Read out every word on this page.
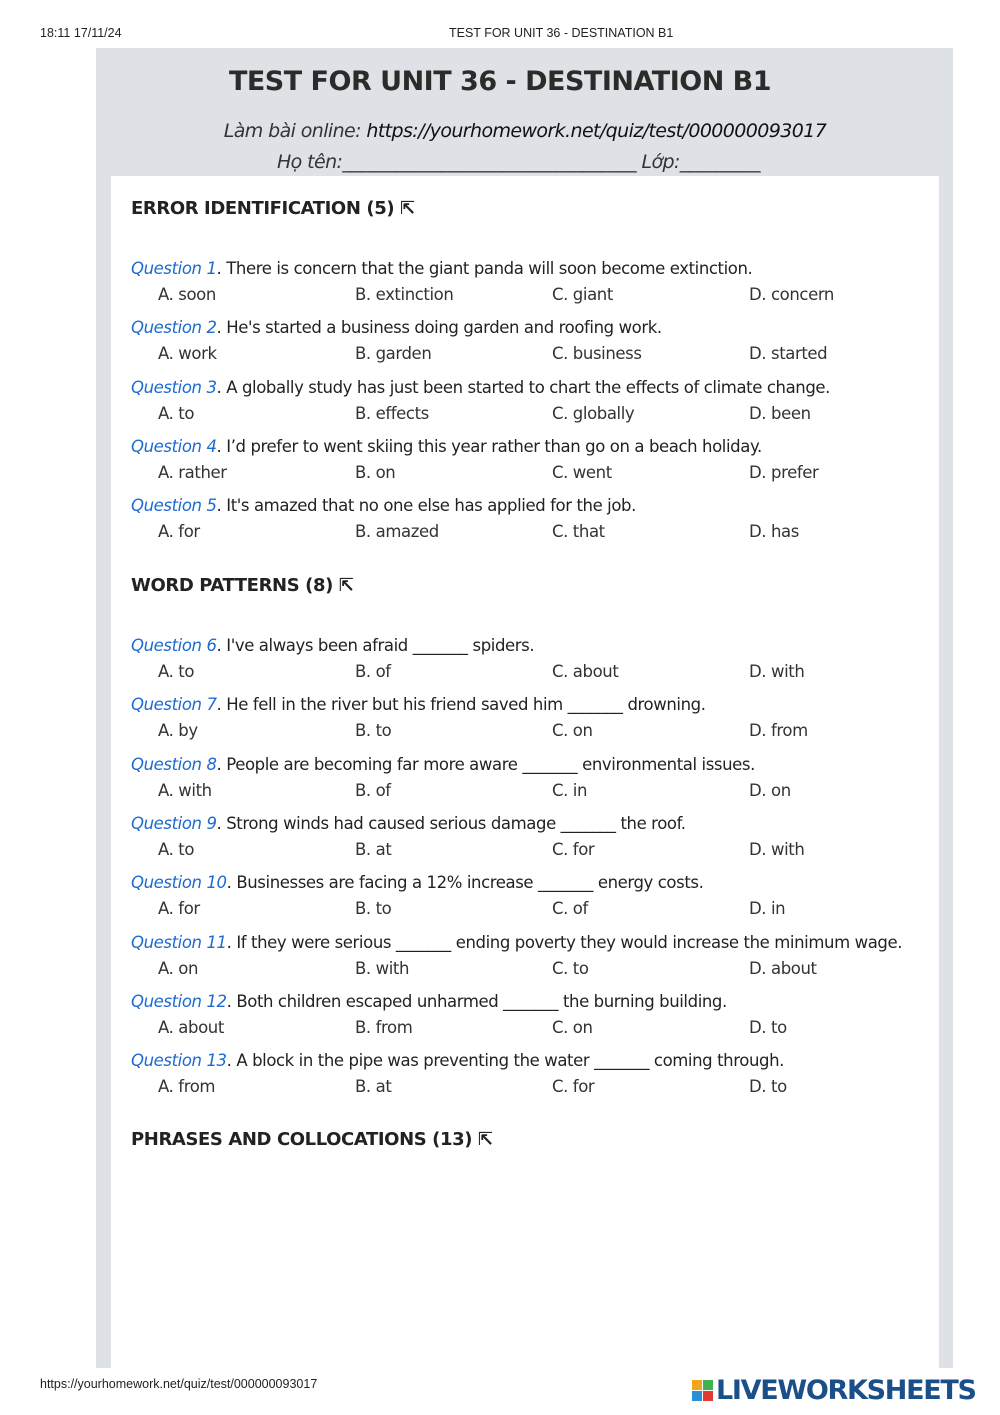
18:11 17/11/24	TEST FOR UNIT 36 - DESTINATION B1
TEST FOR UNIT 36 - DESTINATION B1
Làm bài online: https://yourhomework.net/quiz/test/000000093017
Họ tên:_________________________________ Lớp:_________
ERROR IDENTIFICATION (5) ⇱
Question 1. There is concern that the giant panda will soon become extinction.
A. soon	B. extinction	C. giant	D. concern
Question 2. He's started a business doing garden and roofing work.
A. work	B. garden	C. business	D. started
Question 3. A globally study has just been started to chart the effects of climate change.
A. to	B. effects	C. globally	D. been
Question 4. I’d prefer to went skiing this year rather than go on a beach holiday.
A. rather	B. on	C. went	D. prefer
Question 5. It's amazed that no one else has applied for the job.
A. for	B. amazed	C. that	D. has
WORD PATTERNS (8) ⇱
Question 6. I've always been afraid _______ spiders.
A. to	B. of	C. about	D. with
Question 7. He fell in the river but his friend saved him _______ drowning.
A. by	B. to	C. on	D. from
Question 8. People are becoming far more aware _______ environmental issues.
A. with	B. of	C. in	D. on
Question 9. Strong winds had caused serious damage _______ the roof.
A. to	B. at	C. for	D. with
Question 10. Businesses are facing a 12% increase _______ energy costs.
A. for	B. to	C. of	D. in
Question 11. If they were serious _______ ending poverty they would increase the minimum wage.
A. on	B. with	C. to	D. about
Question 12. Both children escaped unharmed _______ the burning building.
A. about	B. from	C. on	D. to
Question 13. A block in the pipe was preventing the water _______ coming through.
A. from	B. at	C. for	D. to
PHRASES AND COLLOCATIONS (13) ⇱
https://yourhomework.net/quiz/test/000000093017	LIVEWORKSHEETS
